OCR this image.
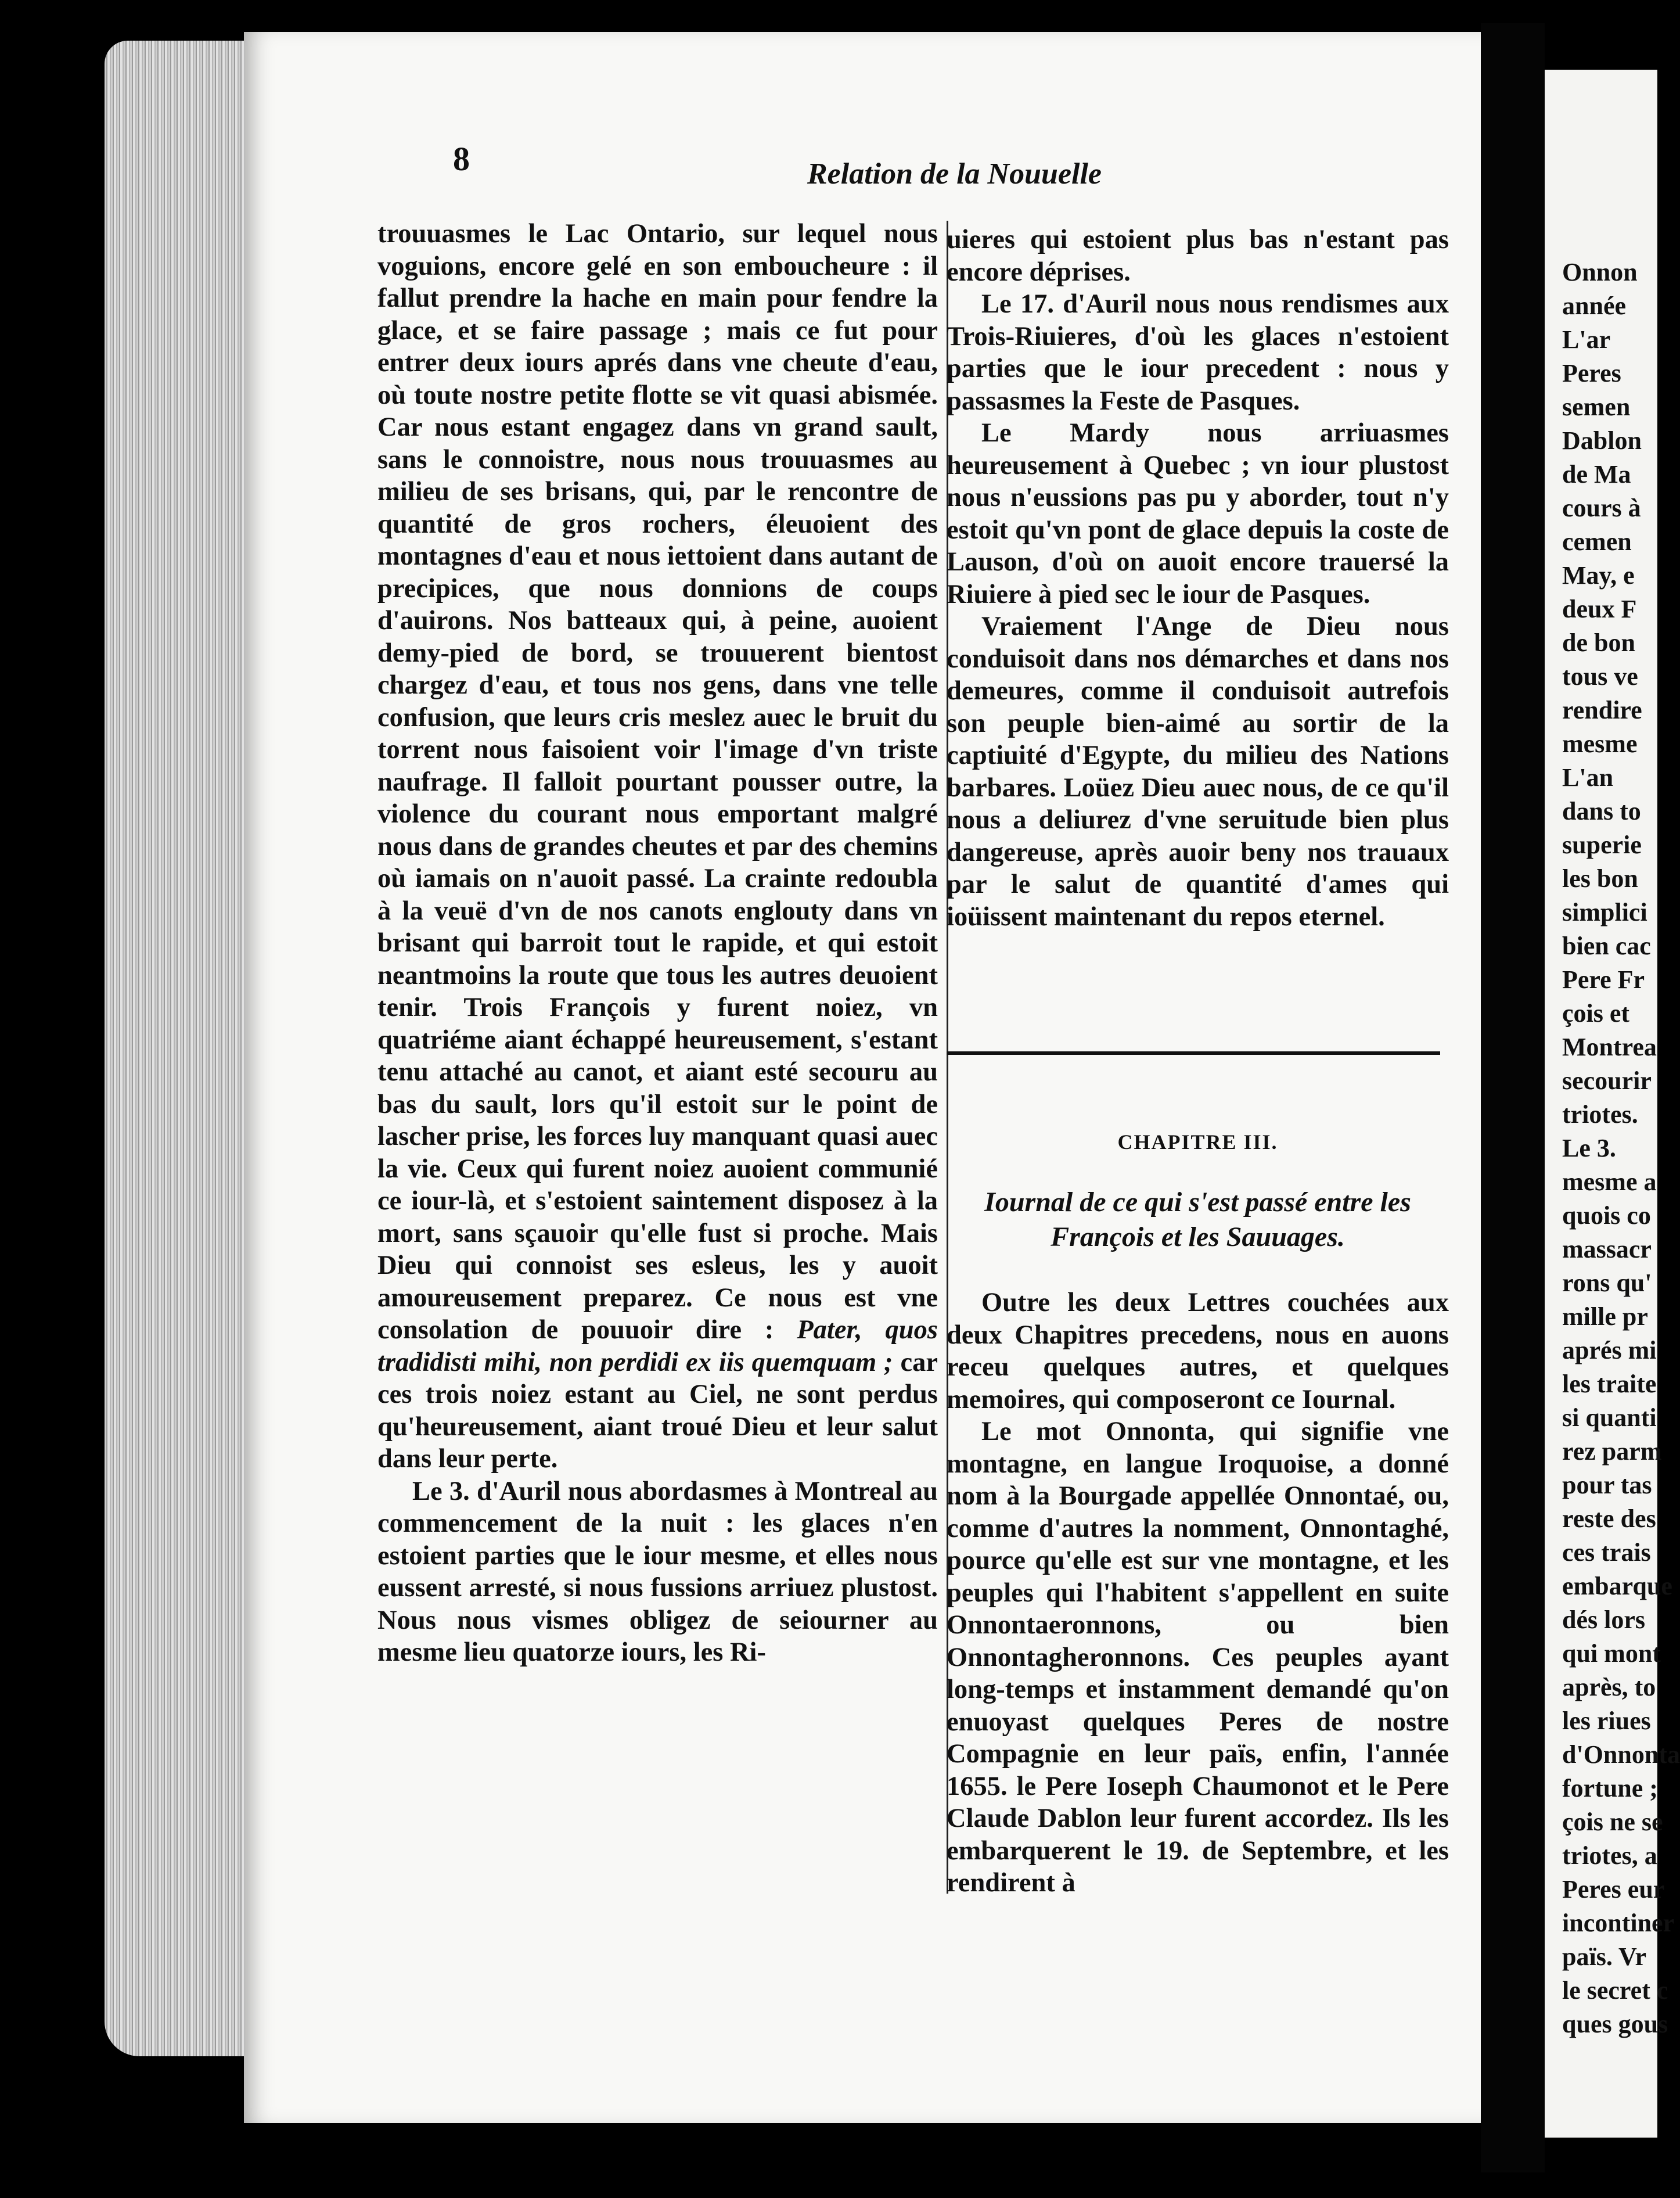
Onnon
année
L'ar
Peres
semen
Dablon
de Ma
cours à
cemen
May, e
deux F
de bon
tous ve
rendire
mesme
L'an
dans to
superie
les bon
simplici
bien cac
Pere Fr
çois et
Montrea
secourir
triotes.
Le 3.
mesme a
quois co
massacr
rons qu'
mille pr
aprés mi
les traite
si quanti
rez parm
pour tas
reste des
ces trais
embarque
dés lors
qui mont
après, to
les riues
d'Onnonta
fortune ;
çois ne se
triotes, a
Peres eur
incontiner
païs. Vr
le secret c
ques gous
8	Relation de la Nouuelle

trouuasmes le Lac Ontario, sur lequel nous voguions, encore gelé en son emboucheure : il fallut prendre la hache en main pour fendre la glace, et se faire passage ; mais ce fut pour entrer deux iours aprés dans vne cheute d'eau, où toute nostre petite flotte se vit quasi abismée. Car nous estant engagez dans vn grand sault, sans le connoistre, nous nous trouuasmes au milieu de ses brisans, qui, par le rencontre de quantité de gros rochers, éleuoient des montagnes d'eau et nous iettoient dans autant de precipices, que nous donnions de coups d'auirons. Nos batteaux qui, à peine, auoient demy-pied de bord, se trouuerent bientost chargez d'eau, et tous nos gens, dans vne telle confusion, que leurs cris meslez auec le bruit du torrent nous faisoient voir l'image d'vn triste naufrage. Il falloit pourtant pousser outre, la violence du courant nous emportant malgré nous dans de grandes cheutes et par des chemins où iamais on n'auoit passé. La crainte redoubla à la veuë d'vn de nos canots englouty dans vn brisant qui barroit tout le rapide, et qui estoit neantmoins la route que tous les autres deuoient tenir. Trois François y furent noiez, vn quatriéme aiant échappé heureusement, s'estant tenu attaché au canot, et aiant esté secouru au bas du sault, lors qu'il estoit sur le point de lascher prise, les forces luy manquant quasi auec la vie. Ceux qui furent noiez auoient communié ce iour-là, et s'estoient saintement disposez à la mort, sans sçauoir qu'elle fust si proche. Mais Dieu qui connoist ses esleus, les y auoit amoureusement preparez. Ce nous est vne consolation de pouuoir dire : Pater, quos tradidisti mihi, non perdidi ex iis quemquam ; car ces trois noiez estant au Ciel, ne sont perdus qu'heureusement, aiant troué Dieu et leur salut dans leur perte.

Le 3. d'Auril nous abordasmes à Montreal au commencement de la nuit : les glaces n'en estoient parties que le iour mesme, et elles nous eussent arresté, si nous fussions arriuez plustost. Nous nous vismes obligez de seiourner au mesme lieu quatorze iours, les Ri-

uieres qui estoient plus bas n'estant pas encore déprises.

Le 17. d'Auril nous nous rendismes aux Trois-Riuieres, d'où les glaces n'estoient parties que le iour precedent : nous y passasmes la Feste de Pasques.

Le Mardy nous arriuasmes heureusement à Quebec ; vn iour plustost nous n'eussions pas pu y aborder, tout n'y estoit qu'vn pont de glace depuis la coste de Lauson, d'où on auoit encore trauersé la Riuiere à pied sec le iour de Pasques.

Vraiement l'Ange de Dieu nous conduisoit dans nos démarches et dans nos demeures, comme il conduisoit autrefois son peuple bien-aimé au sortir de la captiuité d'Egypte, du milieu des Nations barbares. Loüez Dieu auec nous, de ce qu'il nous a deliurez d'vne seruitude bien plus dangereuse, après auoir beny nos trauaux par le salut de quantité d'ames qui ioüissent maintenant du repos eternel.

CHAPITRE III.
Iournal de ce qui s'est passé entre les
François et les Sauuages.

Outre les deux Lettres couchées aux deux Chapitres precedens, nous en auons receu quelques autres, et quelques memoires, qui composeront ce Iournal.

Le mot Onnonta, qui signifie vne montagne, en langue Iroquoise, a donné nom à la Bourgade appellée Onnontaé, ou, comme d'autres la nomment, Onnontaghé, pource qu'elle est sur vne montagne, et les peuples qui l'habitent s'appellent en suite Onnontaeronnons, ou bien Onnontagheronnons. Ces peuples ayant long-temps et instamment demandé qu'on enuoyast quelques Peres de nostre Compagnie en leur païs, enfin, l'année 1655. le Pere Ioseph Chaumonot et le Pere Claude Dablon leur furent accordez. Ils les embarquerent le 19. de Septembre, et les rendirent à
